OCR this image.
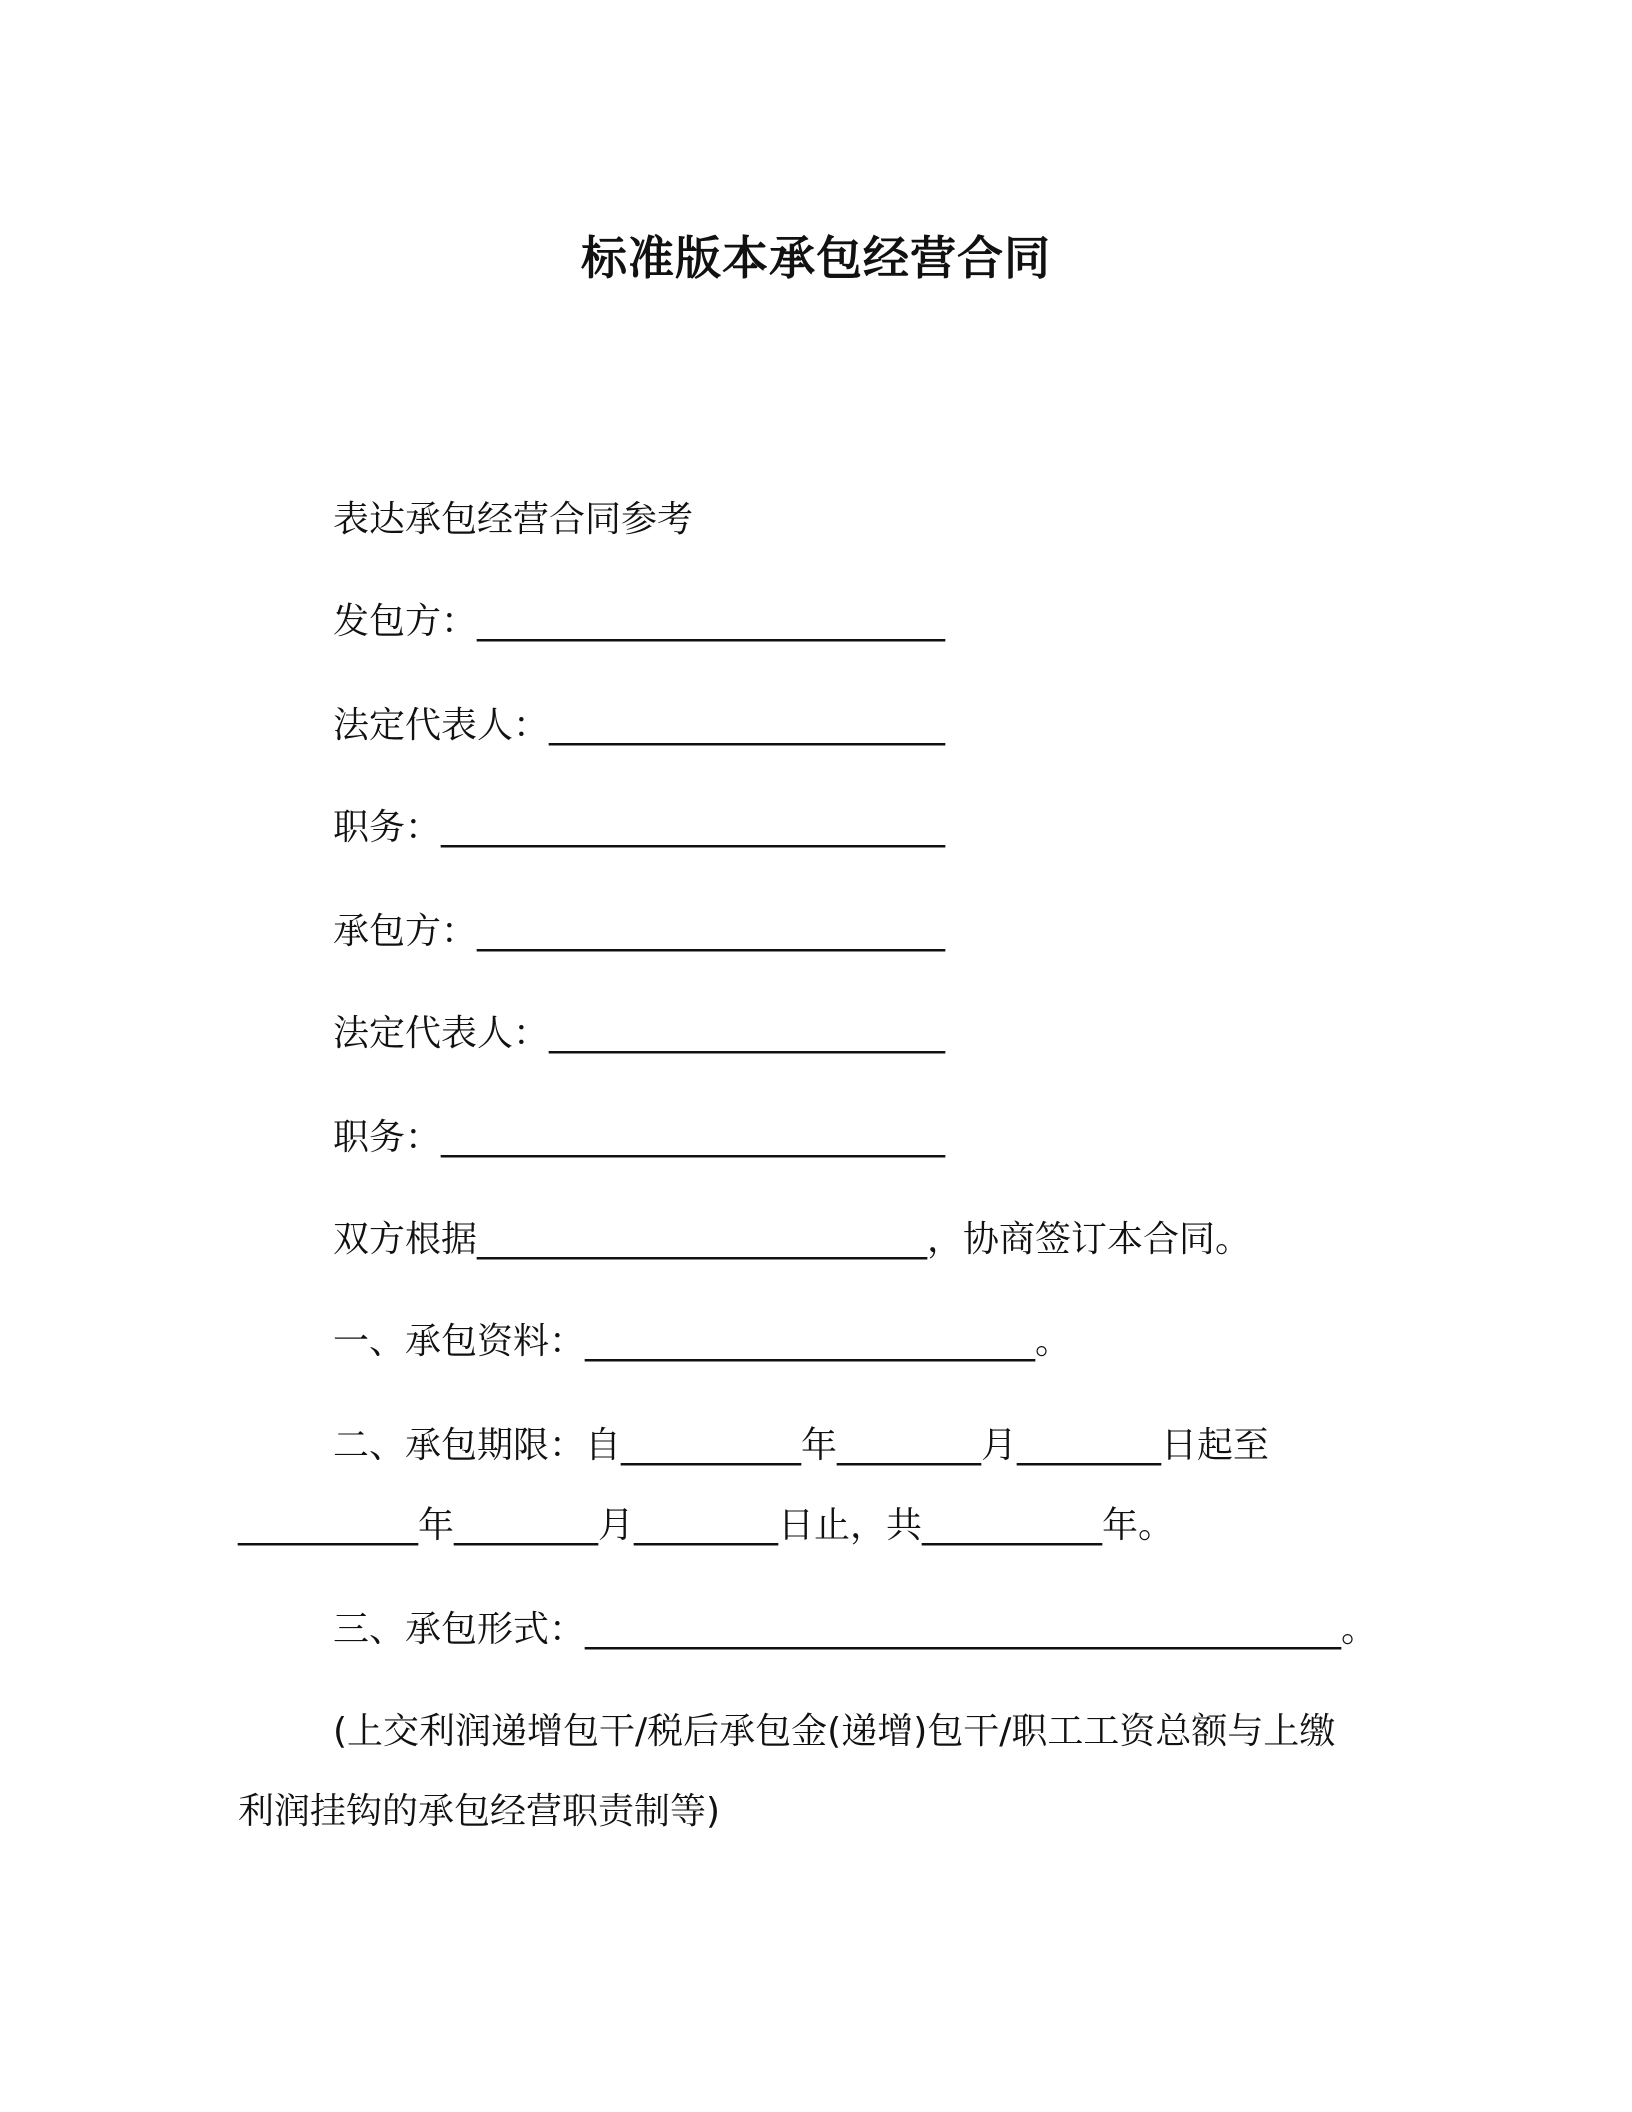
标准版本承包经营合同
表达承包经营合同参考
发包方：__________________________
法定代表人：______________________
职务：____________________________
承包方：__________________________
法定代表人：______________________
职务：____________________________
双方根据_________________________，协商签订本合同。
一、承包资料：_________________________。
二、承包期限：自__________年________月________日起至
__________年________月________日止，共__________年。
三、承包形式：__________________________________________。
(上交利润递增包干/税后承包金(递增)包干/职工工资总额与上缴
利润挂钩的承包经营职责制等)
